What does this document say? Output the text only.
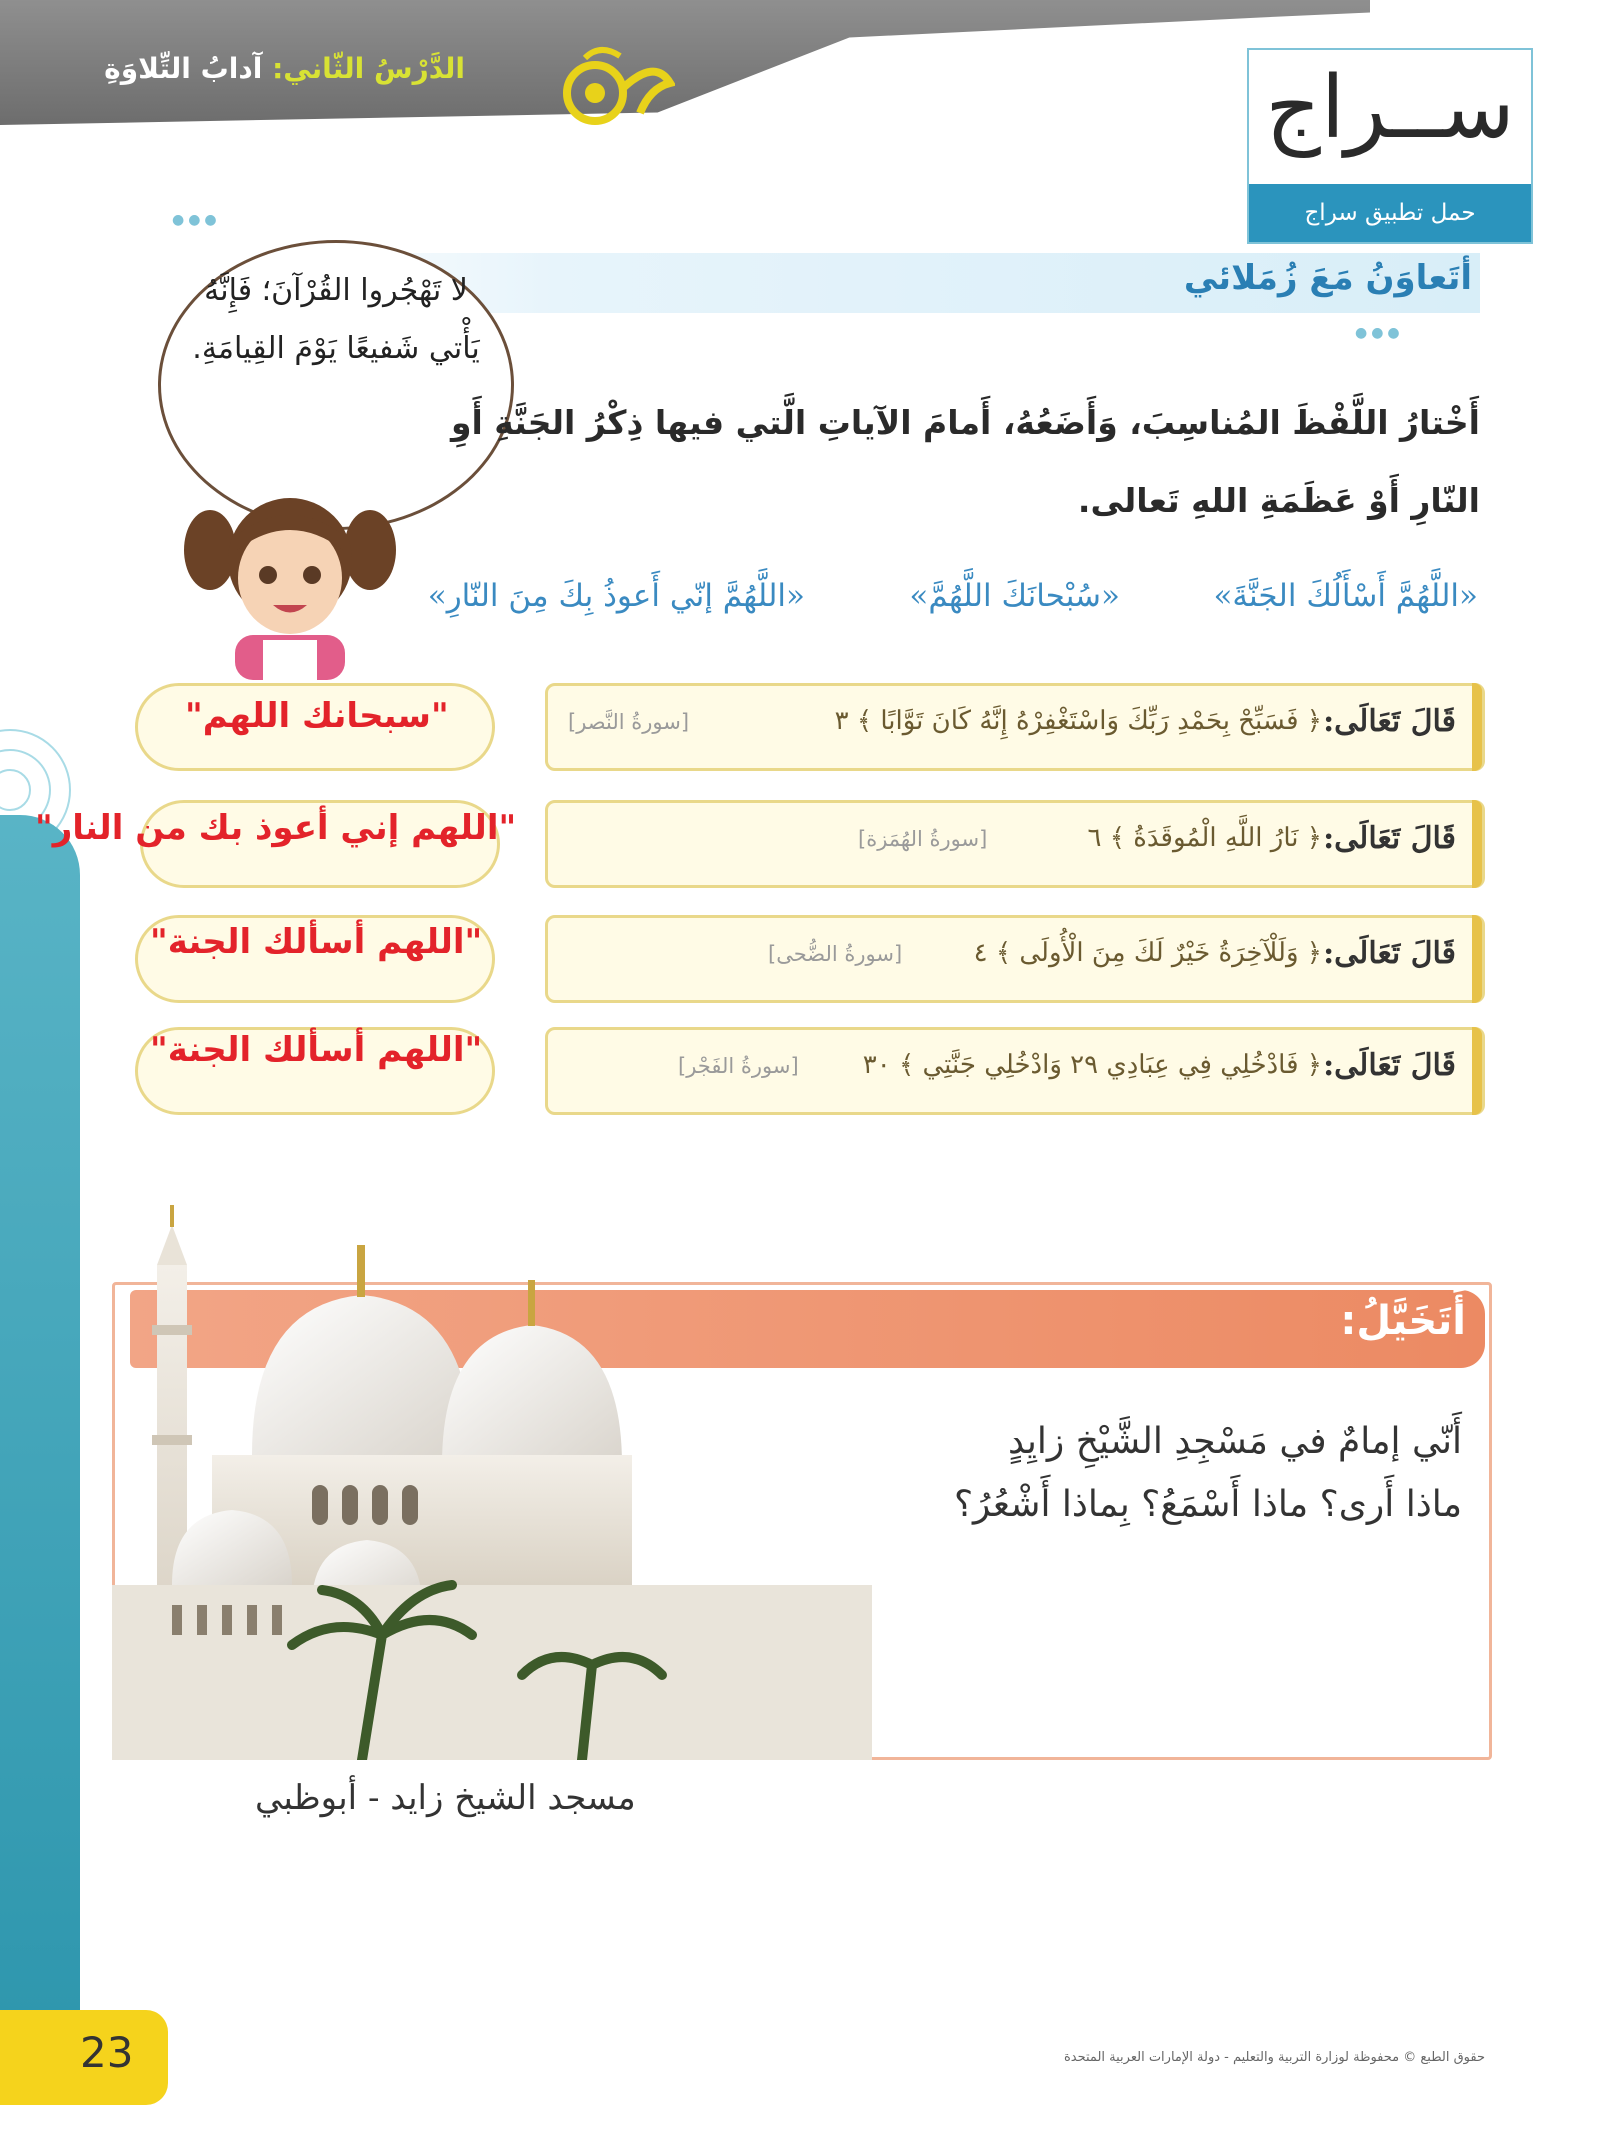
الدَّرْسُ الثّاني: آدابُ التِّلاوَةِ	ســراج
حمل تطبيق سراج
●●●
أتَعاوَنُ مَعَ زُمَلائي
●●●
لا تَهْجُروا القُرْآنَ؛ فَإِنَّهُ يَأْتي شَفيعًا يَوْمَ القِيامَةِ.
أَخْتارُ اللَّفْظَ المُناسِبَ، وَأَضَعُهُ، أَمامَ الآياتِ الَّتي فيها ذِكْرُ الجَنَّةِ أَوِ النّارِ أَوْ عَظَمَةِ اللهِ تَعالى.
«اللَّهُمَّ أَسْأَلُكَ الجَنَّةَ»
«سُبْحانَكَ اللَّهُمَّ»
«اللَّهُمَّ إنّي أَعوذُ بِكَ مِنَ النّارِ»
قَالَ تَعَالَى:
﴿ فَسَبِّحْ بِحَمْدِ رَبِّكَ وَاسْتَغْفِرْهُ إِنَّهُ كَانَ تَوَّابًا ﴾ ٣
[سورةُ النَّصر]
"سبحانك اللهم"
قَالَ تَعَالَى:
﴿ نَارُ اللَّهِ الْمُوقَدَةُ ﴾ ٦
[سورةُ الهُمَزة]
"اللهم إني أعوذ بك من النار"
قَالَ تَعَالَى:
﴿ وَلَلْآخِرَةُ خَيْرٌ لَكَ مِنَ الْأُولَى ﴾ ٤
[سورةُ الضُّحى]
"اللهم أسألك الجنة"
قَالَ تَعَالَى:
﴿ فَادْخُلِي فِي عِبَادِي ٢٩ وَادْخُلِي جَنَّتِي ﴾ ٣٠
[سورةُ الفَجْر]
"اللهم أسألك الجنة"
أَتَخَيَّلُ:
أَنّي إمامٌ في مَسْجِدِ الشَّيْخِ زايِدٍ
ماذا أَرى؟ ماذا أَسْمَعُ؟ بِماذا أَشْعُرُ؟
مسجد الشيخ زايد - أبوظبي
23	حقوق الطبع © محفوظة لوزارة التربية والتعليم - دولة الإمارات العربية المتحدة
